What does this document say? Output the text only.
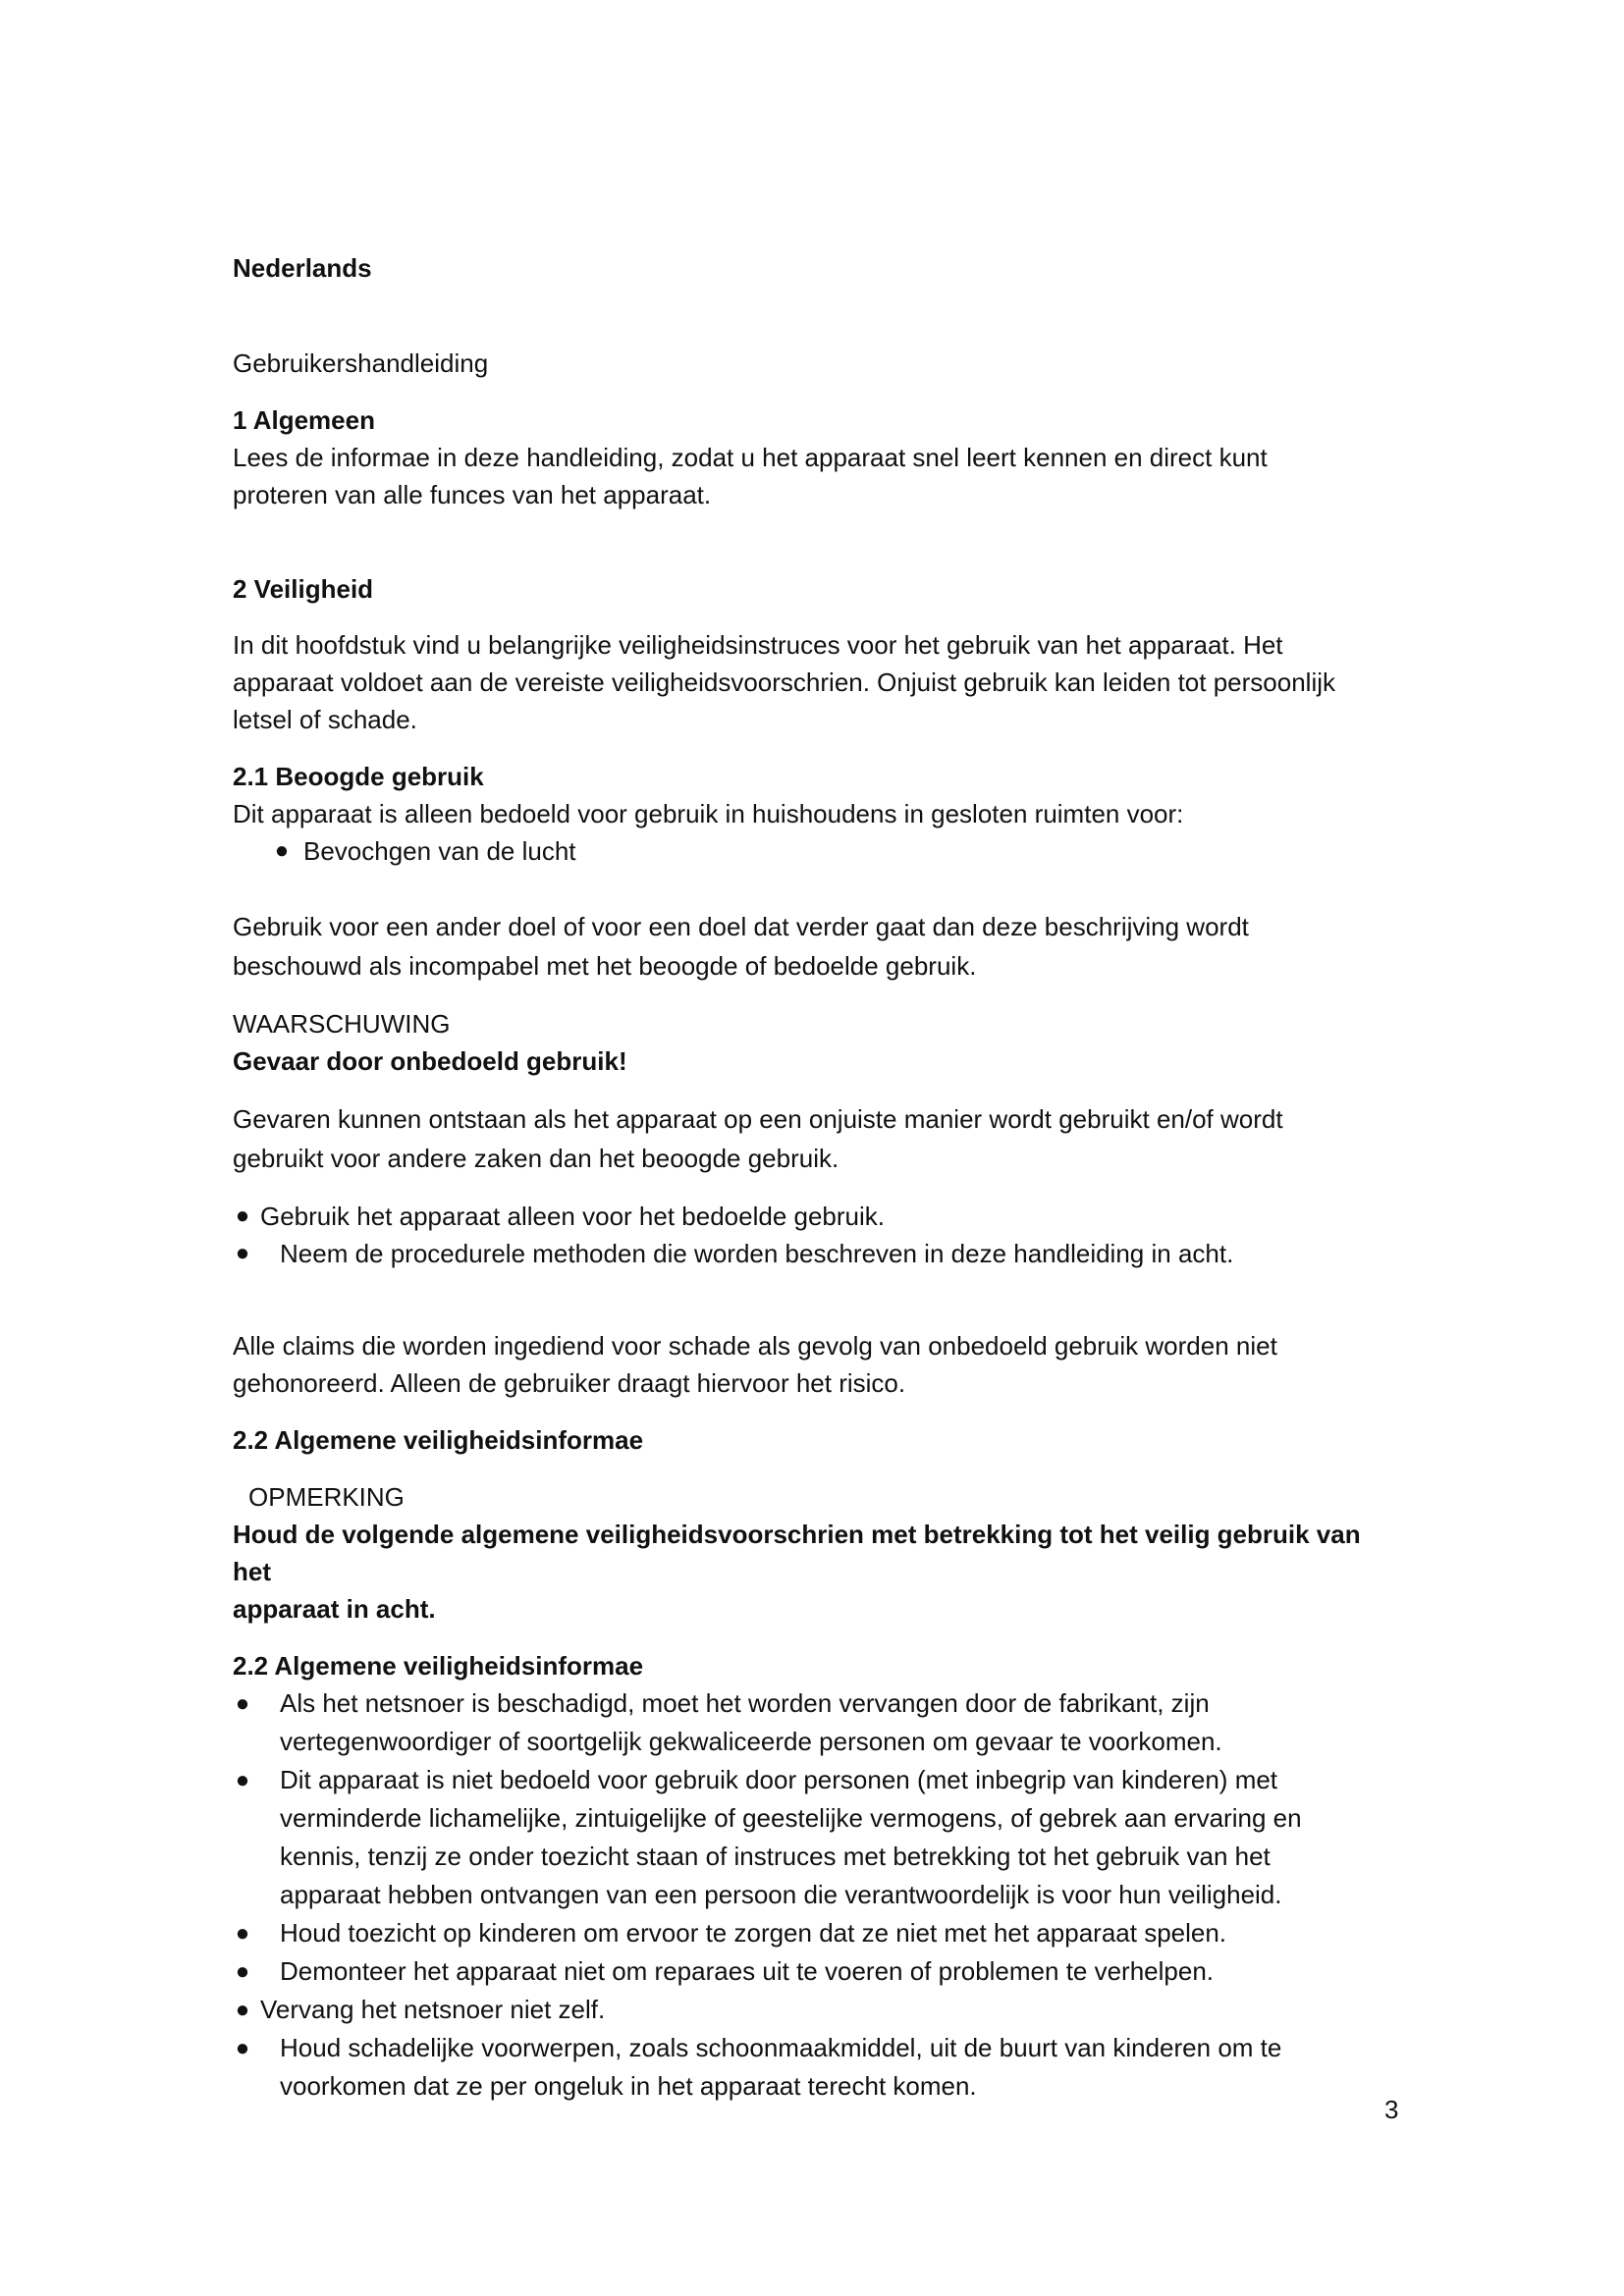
Nederlands
Gebruikershandleiding
1 Algemeen
Lees de informae in deze handleiding, zodat u het apparaat snel leert kennen en direct kunt
proteren van alle funces van het apparaat.
2 Veiligheid
In dit hoofdstuk vind u belangrijke veiligheidsinstruces voor het gebruik van het apparaat. Het
apparaat voldoet aan de vereiste veiligheidsvoorschrien. Onjuist gebruik kan leiden tot persoonlijk
letsel of schade.
2.1 Beoogde gebruik
Dit apparaat is alleen bedoeld voor gebruik in huishoudens in gesloten ruimten voor:
● Bevochgen van de lucht
Gebruik voor een ander doel of voor een doel dat verder gaat dan deze beschrijving wordt
beschouwd als incompabel met het beoogde of bedoelde gebruik.
WAARSCHUWING
Gevaar door onbedoeld gebruik!
Gevaren kunnen ontstaan als het apparaat op een onjuiste manier wordt gebruikt en/of wordt
gebruikt voor andere zaken dan het beoogde gebruik.
● Gebruik het apparaat alleen voor het bedoelde gebruik.
● Neem de procedurele methoden die worden beschreven in deze handleiding in acht.
Alle claims die worden ingediend voor schade als gevolg van onbedoeld gebruik worden niet
gehonoreerd. Alleen de gebruiker draagt hiervoor het risico.
2.2 Algemene veiligheidsinformae
OPMERKING
Houd de volgende algemene veiligheidsvoorschrien met betrekking tot het veilig gebruik van het
apparaat in acht.
2.2 Algemene veiligheidsinformae
● Als het netsnoer is beschadigd, moet het worden vervangen door de fabrikant, zijn
vertegenwoordiger of soortgelijk gekwaliceerde personen om gevaar te voorkomen.
● Dit apparaat is niet bedoeld voor gebruik door personen (met inbegrip van kinderen) met
verminderde lichamelijke, zintuigelijke of geestelijke vermogens, of gebrek aan ervaring en
kennis, tenzij ze onder toezicht staan of instruces met betrekking tot het gebruik van het
apparaat hebben ontvangen van een persoon die verantwoordelijk is voor hun veiligheid.
● Houd toezicht op kinderen om ervoor te zorgen dat ze niet met het apparaat spelen.
● Demonteer het apparaat niet om reparaes uit te voeren of problemen te verhelpen.
● Vervang het netsnoer niet zelf.
● Houd schadelijke voorwerpen, zoals schoonmaakmiddel, uit de buurt van kinderen om te
voorkomen dat ze per ongeluk in het apparaat terecht komen.
3
